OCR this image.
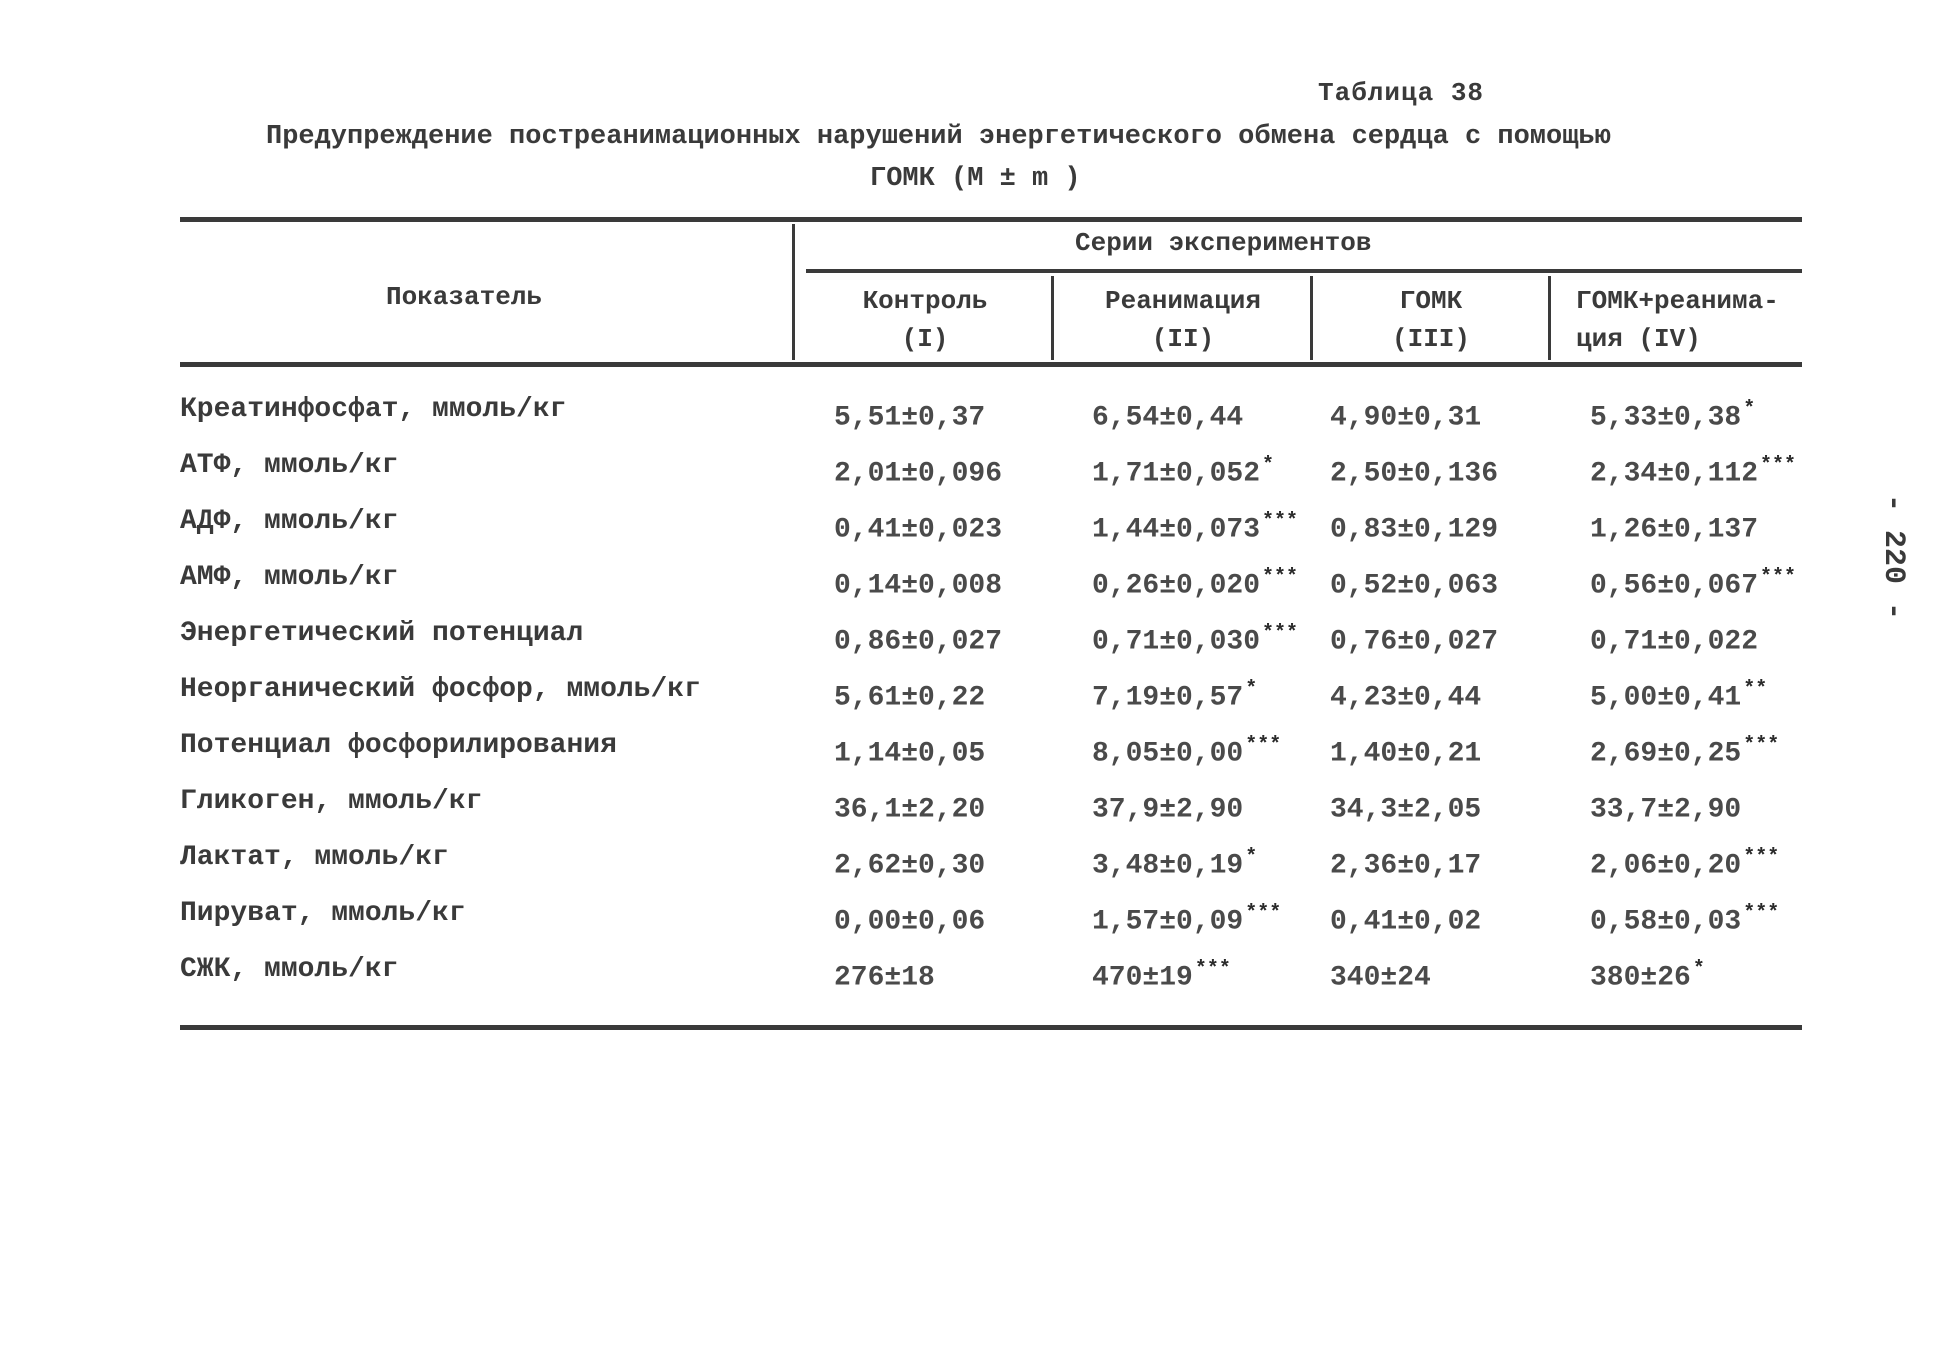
Таблица 38
Предупреждение постреанимационных нарушений энергетического обмена сердца с помощью
ГОМК (M ± m )
Показатель
Серии экспериментов
Контроль
(I)
Реанимация
(II)
ГОМК
(III)
ГОМК+реанима-
ция (IV)
Креатинфосфат, ммоль/кг	5,51±0,37	6,54±0,44	4,90±0,31	5,33±0,38 *
АТФ, ммоль/кг	2,01±0,096	1,71±0,052 * 2,50±0,136	2,34±0,112 ***
АДФ, ммоль/кг	0,41±0,023	1,44±0,073 *** 0,83±0,129	1,26±0,137
АМФ, ммоль/кг	0,14±0,008	0,26±0,020 *** 0,52±0,063	0,56±0,067 ***
Энергетический потенциал	0,86±0,027	0,71±0,030 *** 0,76±0,027	0,71±0,022
Неорганический фосфор, ммоль/кг	5,61±0,22	7,19±0,57 *	4,23±0,44	5,00±0,41 **
Потенциал фосфорилирования	1,14±0,05	8,05±0,00 *** 1,40±0,21	2,69±0,25 ***
Гликоген, ммоль/кг	36,1±2,20	37,9±2,90	34,3±2,05	33,7±2,90
Лактат, ммоль/кг	2,62±0,30	3,48±0,19 *	2,36±0,17	2,06±0,20 ***
Пируват, ммоль/кг	0,00±0,06	1,57±0,09 *** 0,41±0,02	0,58±0,03 ***
СЖК, ммоль/кг	276±18	470±19 ***	340±24	380±26 *
- 220 -
